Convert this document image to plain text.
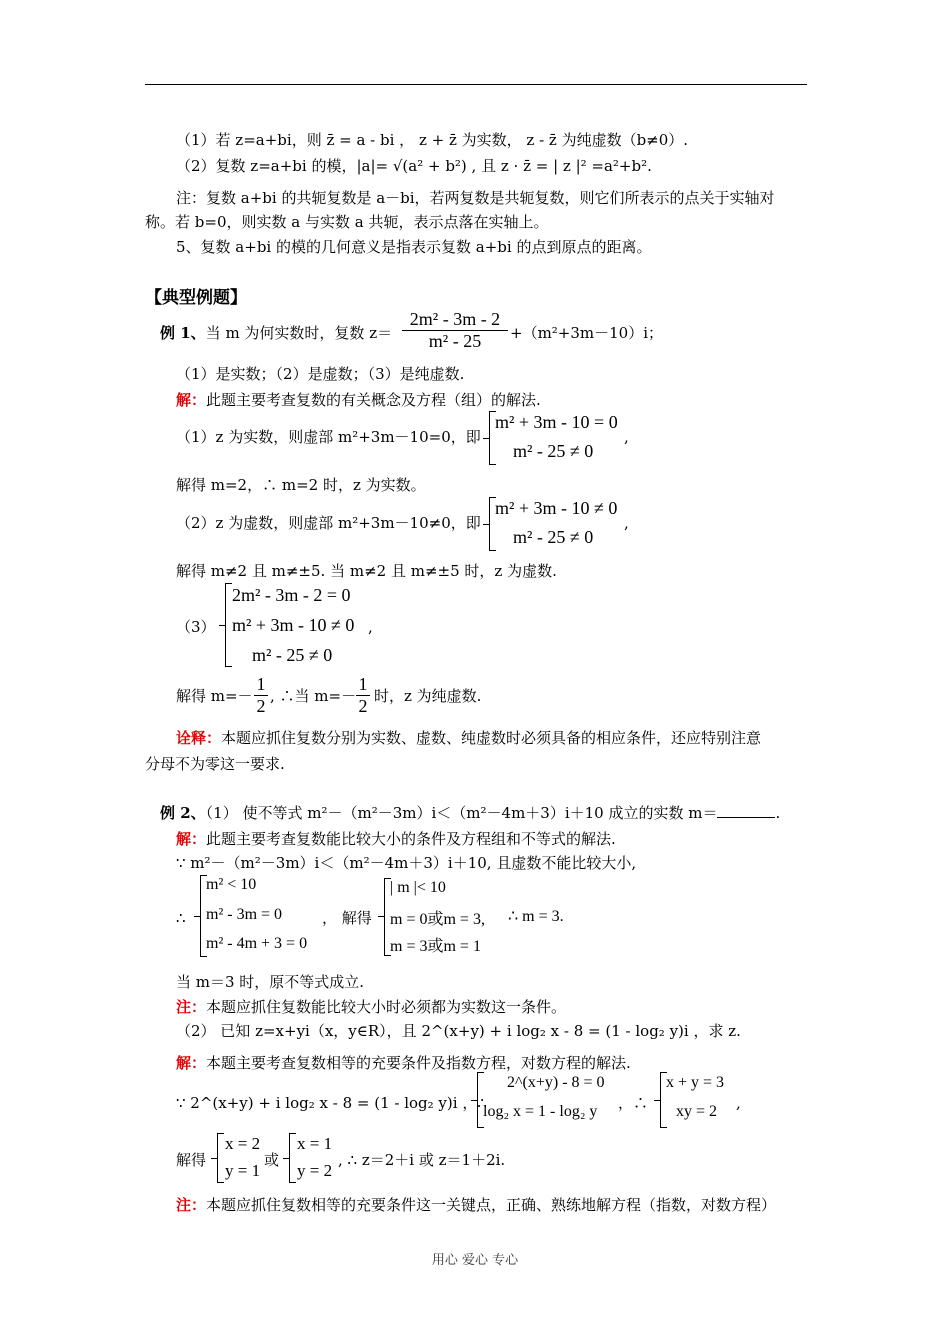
（1）若 z=a+bi，则 z̄ = a - bi ， z + z̄ 为实数， z - z̄ 为纯虚数（b≠0）.
（2）复数 z=a+bi 的模，|a|= √(a² + b²) , 且 z · z̄ = | z |² =a²+b².
注：复数 a+bi 的共轭复数是 a－bi，若两复数是共轭复数，则它们所表示的点关于实轴对
称。若 b=0，则实数 a 与实数 a 共轭，表示点落在实轴上。
5、复数 a+bi 的模的几何意义是指表示复数 a+bi 的点到原点的距离。
【典型例题】
例 1、当 m 为何实数时，复数 $z= \frac{\text{2m² - 3m - 2}}{\text{m² - 25}} +(m^2+3m-10)i$；
（1）是实数；（2）是虚数；（3）是纯虚数.
解：此题主要考查复数的有关概念及方程（组）的解法.
（1）z 为实数，则虚部 m²+3m－10=0，即
m² + 3m - 10 = 0
m² - 25 ≠ 0
,
解得 m=2，∴ m=2 时，z 为实数。
（2）z 为虚数，则虚部 m²+3m－10≠0，即
m² + 3m - 10 ≠ 0
m² - 25 ≠ 0
,
解得 m≠2 且 m≠±5. 当 m≠2 且 m≠±5 时，z 为虚数.
（3）
2m² - 3m - 2 = 0
m² + 3m - 10 ≠ 0
m² - 25 ≠ 0
,
解得 $m=- \frac{1}{2}$ , ∴当 $m=- \frac{1}{2}$ 时，z 为纯虚数.
诠释：本题应抓住复数分别为实数、虚数、纯虚数时必须具备的相应条件，还应特别注意
分母不为零这一要求.
例 2、（1） 使不等式 m²－（m²－3m）i＜（m²－4m＋3）i＋10 成立的实数 m＝	.
解：此题主要考查复数能比较大小的条件及方程组和不等式的解法.
∵ m²－（m²－3m）i＜（m²－4m＋3）i＋10, 且虚数不能比较大小,
∴
m² < 10
m² - 3m = 0
m² - 4m + 3 = 0
， 解得
| m |< 10
m = 0或m = 3,
m = 3或m = 1
∴ m = 3.
当 m＝3 时，原不等式成立.
注：本题应抓住复数能比较大小时必须都为实数这一条件。
（2） 已知 z=x+yi（x，y∈R），且 2^(x+y) + i log₂ x - 8 = (1 - log₂ y)i ，求 z.
解：本题主要考查复数相等的充要条件及指数方程，对数方程的解法.
∵ 2^(x+y) + i log₂ x - 8 = (1 - log₂ y)i ，∴
2^(x+y) - 8 = 0
log₂ x = 1 - log₂ y ，∴
x + y = 3
xy = 2 ,
解得
x = 2
y = 1
或
x = 1
y = 2
, ∴ z＝2＋i 或 z＝1＋2i.
注：本题应抓住复数相等的充要条件这一关键点，正确、熟练地解方程（指数，对数方程）
用心 爱心 专心
